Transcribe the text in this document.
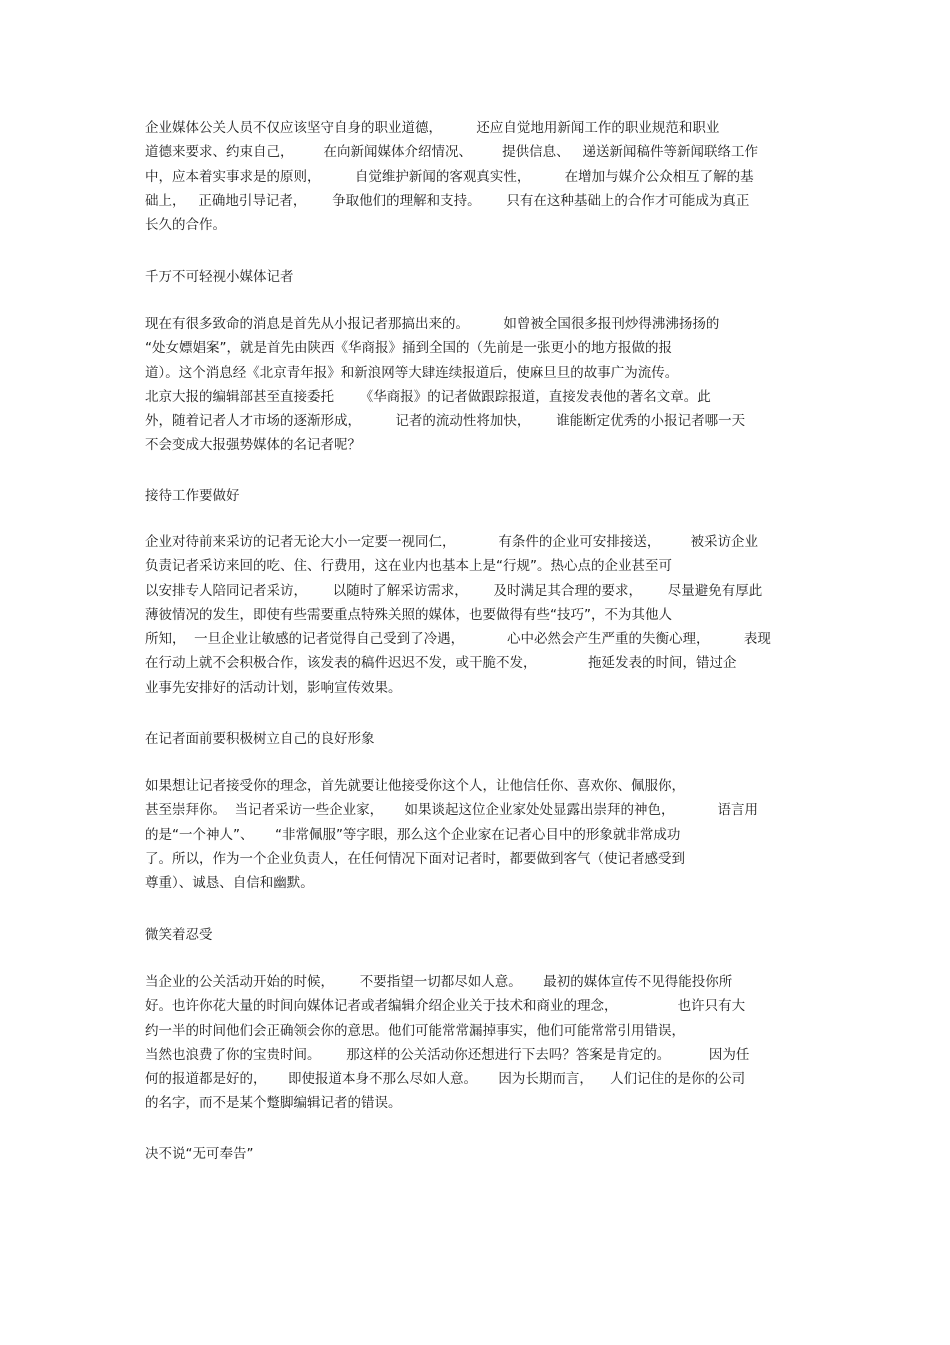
企业媒体公关人员不仅应该坚守自身的职业道德，        还应自觉地用新闻工作的职业规范和职业
道德来要求、约束自己，       在向新闻媒体介绍情况、       提供信息、   递送新闻稿件等新闻联络工作
中，应本着实事求是的原则，        自觉维护新闻的客观真实性，        在增加与媒介公众相互了解的基
础上，   正确地引导记者，      争取他们的理解和支持。      只有在这种基础上的合作才可能成为真正
长久的合作。
千万不可轻视小媒体记者
现在有很多致命的消息是首先从小报记者那搞出来的。        如曾被全国很多报刊炒得沸沸扬扬的
“处女嫖娼案”，就是首先由陕西《华商报》捅到全国的（先前是一张更小的地方报做的报
道）。这个消息经《北京青年报》和新浪网等大肆连续报道后，使麻旦旦的故事广为流传。
北京大报的编辑部甚至直接委托      《华商报》的记者做跟踪报道，直接发表他的著名文章。此
外，随着记者人才市场的逐渐形成，        记者的流动性将加快，      谁能断定优秀的小报记者哪一天
不会变成大报强势媒体的名记者呢？
接待工作要做好
企业对待前来采访的记者无论大小一定要一视同仁，          有条件的企业可安排接送，       被采访企业
负责记者采访来回的吃、住、行费用，这在业内也基本上是“行规”。热心点的企业甚至可
以安排专人陪同记者采访，      以随时了解采访需求，      及时满足其合理的要求，      尽量避免有厚此
薄彼情况的发生，即使有些需要重点特殊关照的媒体，也要做得有些“技巧”，不为其他人
所知，  一旦企业让敏感的记者觉得自己受到了冷遇，          心中必然会产生严重的失衡心理，        表现
在行动上就不会积极合作，该发表的稿件迟迟不发，或干脆不发，            拖延发表的时间，错过企
业事先安排好的活动计划，影响宣传效果。
在记者面前要积极树立自己的良好形象
如果想让记者接受你的理念，首先就要让他接受你这个人，让他信任你、喜欢你、佩服你，
甚至崇拜你。  当记者采访一些企业家，     如果谈起这位企业家处处显露出崇拜的神色，          语言用
的是“一个神人”、     “非常佩服”等字眼，那么这个企业家在记者心目中的形象就非常成功
了。所以，作为一个企业负责人，在任何情况下面对记者时，都要做到客气（使记者感受到
尊重）、诚恳、自信和幽默。
微笑着忍受
当企业的公关活动开始的时候，      不要指望一切都尽如人意。     最初的媒体宣传不见得能投你所
好。也许你花大量的时间向媒体记者或者编辑介绍企业关于技术和商业的理念，              也许只有大
约一半的时间他们会正确领会你的意思。他们可能常常漏掉事实，他们可能常常引用错误，
当然也浪费了你的宝贵时间。      那这样的公关活动你还想进行下去吗？答案是肯定的。         因为任
何的报道都是好的，     即使报道本身不那么尽如人意。     因为长期而言，    人们记住的是你的公司
的名字，而不是某个蹩脚编辑记者的错误。
决不说“无可奉告”
